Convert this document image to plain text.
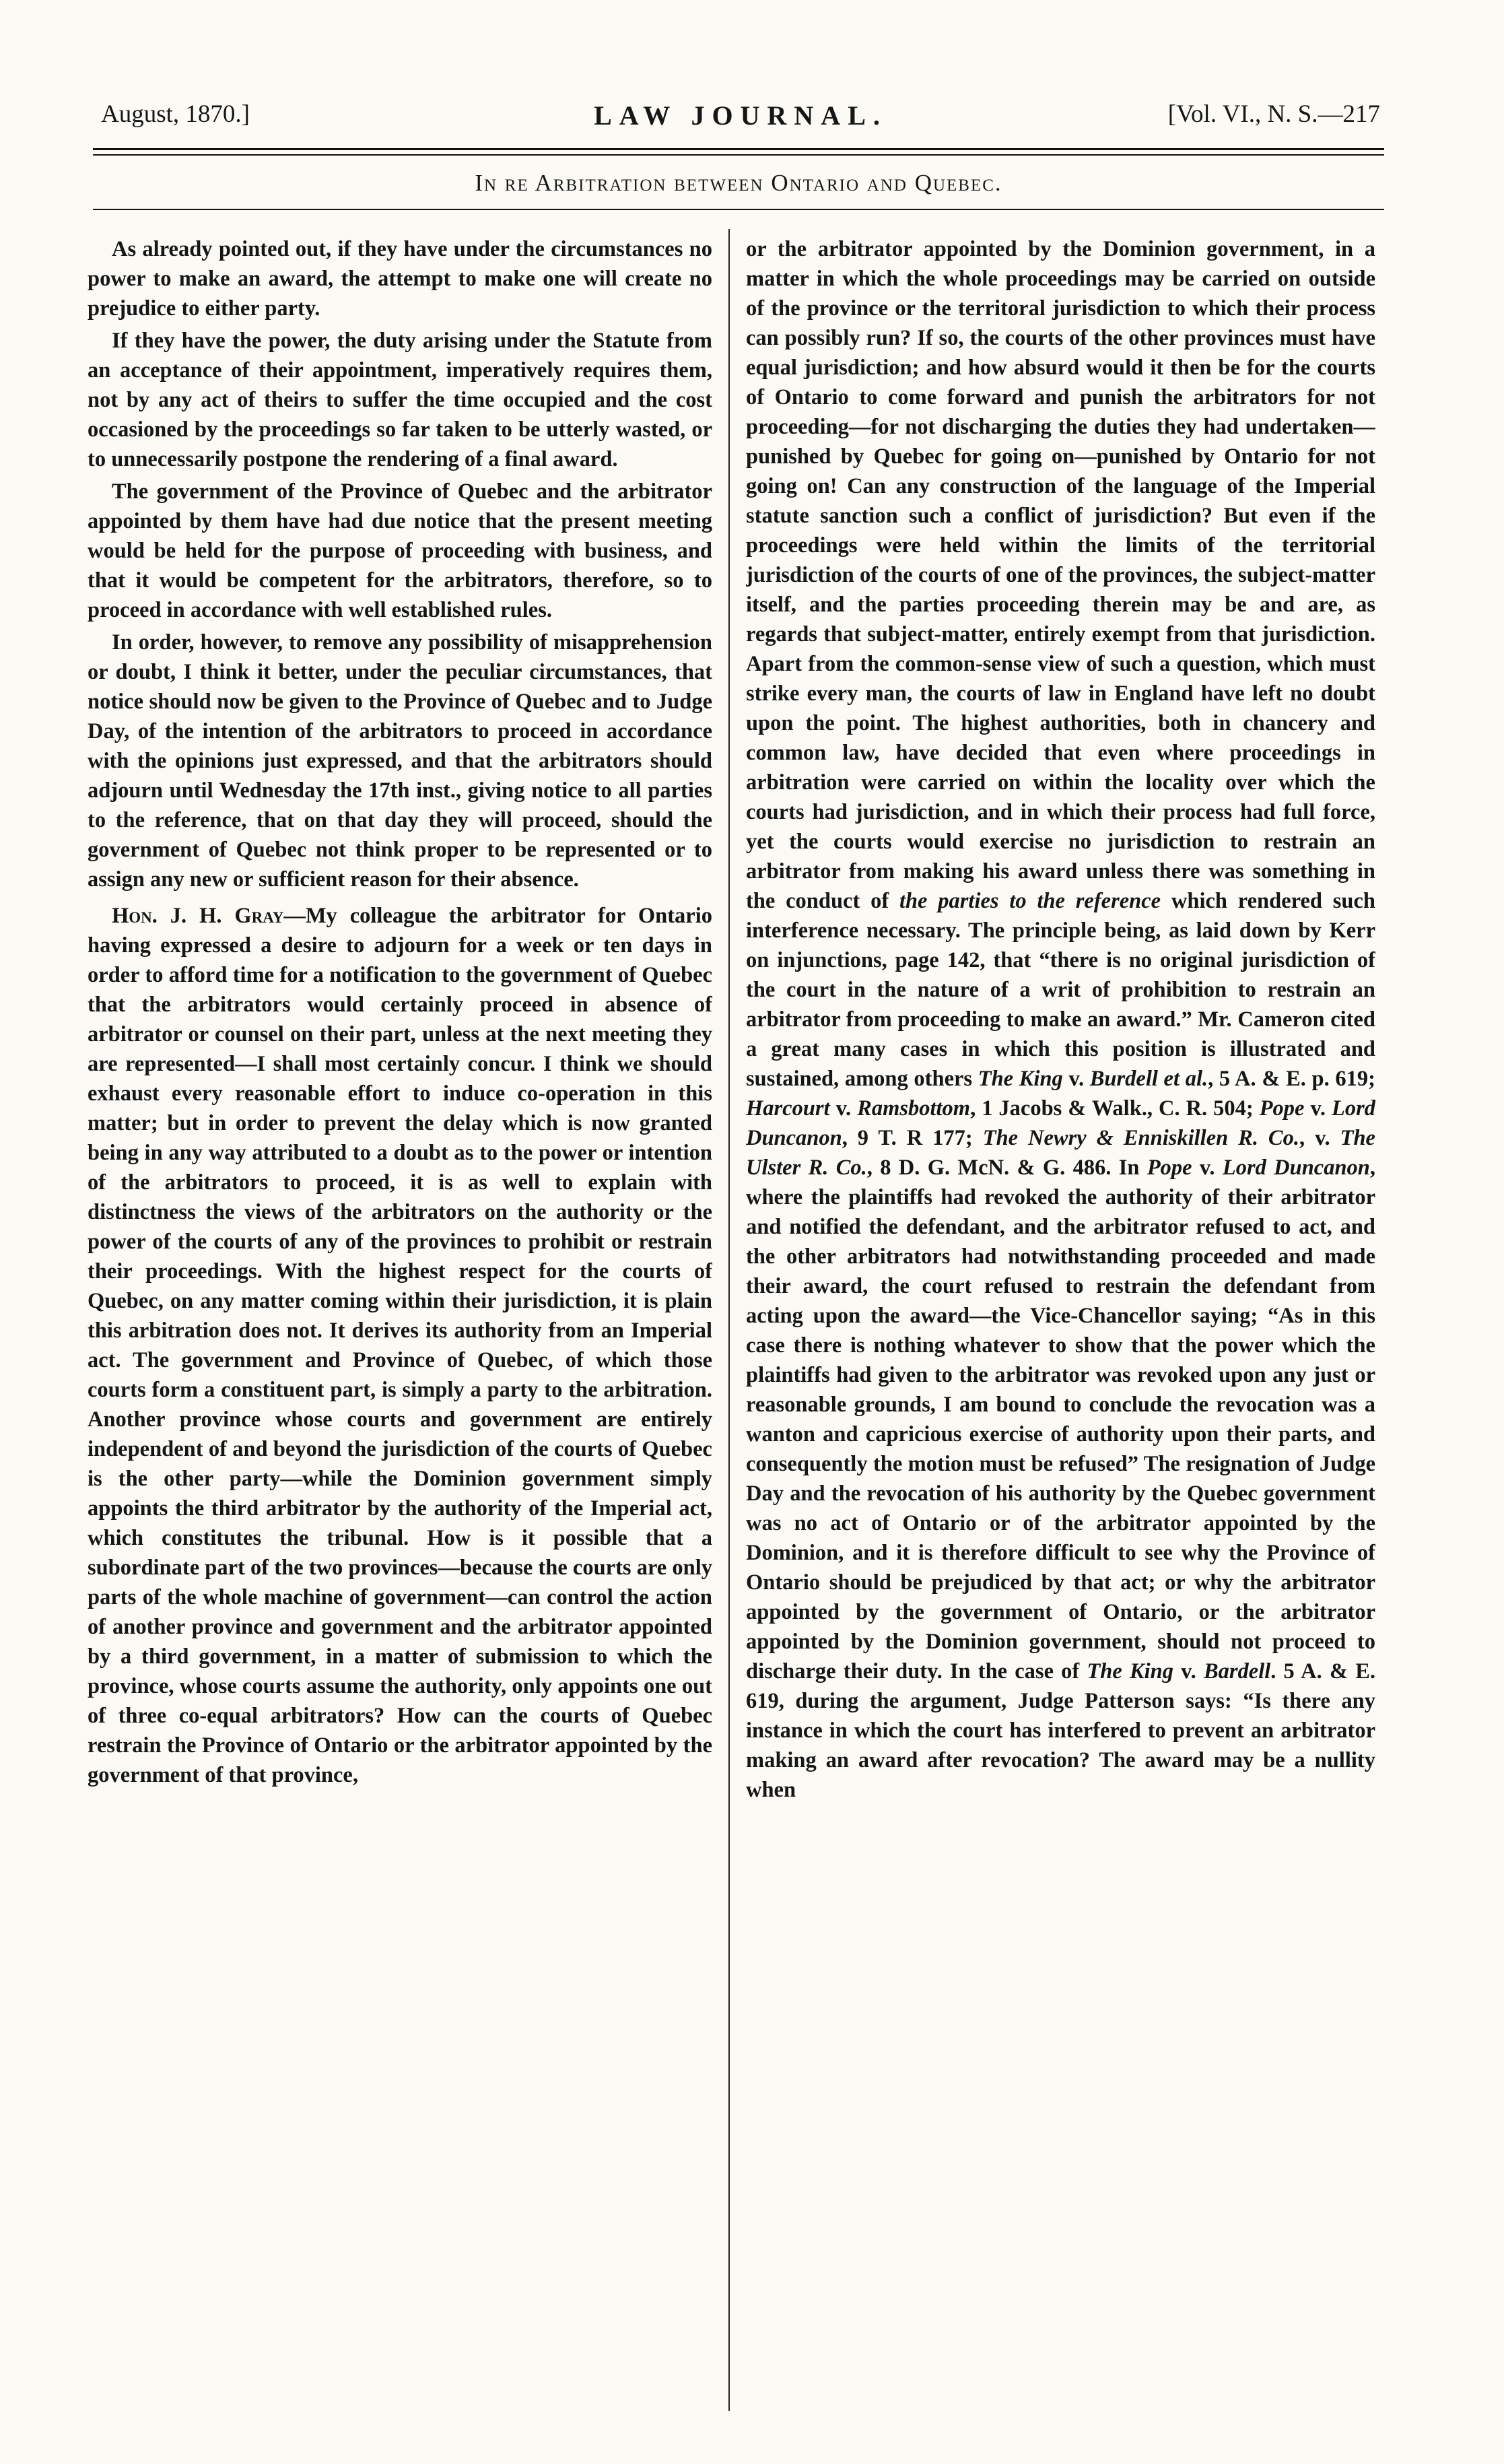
August, 1870.]	LAW JOURNAL.	[Vol. VI., N. S.—217
In re Arbitration between Ontario and Quebec.

As already pointed out, if they have under the circumstances no power to make an award, the attempt to make one will create no prejudice to either party.

If they have the power, the duty arising under the Statute from an acceptance of their appointment, imperatively requires them, not by any act of theirs to suffer the time occupied and the cost occasioned by the proceedings so far taken to be utterly wasted, or to unnecessarily postpone the rendering of a final award.

The government of the Province of Quebec and the arbitrator appointed by them have had due notice that the present meeting would be held for the purpose of proceeding with business, and that it would be competent for the arbitrators, therefore, so to proceed in accordance with well established rules.

In order, however, to remove any possibility of misapprehension or doubt, I think it better, under the peculiar circumstances, that notice should now be given to the Province of Quebec and to Judge Day, of the intention of the arbitrators to proceed in accordance with the opinions just expressed, and that the arbitrators should adjourn until Wednesday the 17th inst., giving notice to all parties to the reference, that on that day they will proceed, should the government of Quebec not think proper to be represented or to assign any new or sufficient reason for their absence.

Hon. J. H. Gray—My colleague the arbitrator for Ontario having expressed a desire to adjourn for a week or ten days in order to afford time for a notification to the government of Quebec that the arbitrators would certainly proceed in absence of arbitrator or counsel on their part, unless at the next meeting they are represented—I shall most certainly concur. I think we should exhaust every reasonable effort to induce co-operation in this matter; but in order to prevent the delay which is now granted being in any way attributed to a doubt as to the power or intention of the arbitrators to proceed, it is as well to explain with distinctness the views of the arbitrators on the authority or the power of the courts of any of the provinces to prohibit or restrain their proceedings. With the highest respect for the courts of Quebec, on any matter coming within their jurisdiction, it is plain this arbitration does not. It derives its authority from an Imperial act. The government and Province of Quebec, of which those courts form a constituent part, is simply a party to the arbitration. Another province whose courts and government are entirely independent of and beyond the jurisdiction of the courts of Quebec is the other party—while the Dominion government simply appoints the third arbitrator by the authority of the Imperial act, which constitutes the tribunal. How is it possible that a subordinate part of the two provinces—because the courts are only parts of the whole machine of government—can control the action of another province and government and the arbitrator appointed by a third government, in a matter of submission to which the province, whose courts assume the authority, only appoints one out of three co-equal arbitrators? How can the courts of Quebec restrain the Province of Ontario or the arbitrator appointed by the government of that province,

or the arbitrator appointed by the Dominion government, in a matter in which the whole proceedings may be carried on outside of the province or the territoral jurisdiction to which their process can possibly run? If so, the courts of the other provinces must have equal jurisdiction; and how absurd would it then be for the courts of Ontario to come forward and punish the arbitrators for not proceeding—for not discharging the duties they had undertaken—punished by Quebec for going on—punished by Ontario for not going on! Can any construction of the language of the Imperial statute sanction such a conflict of jurisdiction? But even if the proceedings were held within the limits of the territorial jurisdiction of the courts of one of the provinces, the subject-matter itself, and the parties proceeding therein may be and are, as regards that subject-matter, entirely exempt from that jurisdiction. Apart from the common-sense view of such a question, which must strike every man, the courts of law in England have left no doubt upon the point. The highest authorities, both in chancery and common law, have decided that even where proceedings in arbitration were carried on within the locality over which the courts had jurisdiction, and in which their process had full force, yet the courts would exercise no jurisdiction to restrain an arbitrator from making his award unless there was something in the conduct of the parties to the reference which rendered such interference necessary. The principle being, as laid down by Kerr on injunctions, page 142, that “there is no original jurisdiction of the court in the nature of a writ of prohibition to restrain an arbitrator from proceeding to make an award.” Mr. Cameron cited a great many cases in which this position is illustrated and sustained, among others The King v. Burdell et al., 5 A. & E. p. 619; Harcourt v. Ramsbottom, 1 Jacobs & Walk., C. R. 504; Pope v. Lord Duncanon, 9 T. R 177; The Newry & Enniskillen R. Co., v. The Ulster R. Co., 8 D. G. McN. & G. 486. In Pope v. Lord Duncanon, where the plaintiffs had revoked the authority of their arbitrator and notified the defendant, and the arbitrator refused to act, and the other arbitrators had notwithstanding proceeded and made their award, the court refused to restrain the defendant from acting upon the award—the Vice-Chancellor saying; “As in this case there is nothing whatever to show that the power which the plaintiffs had given to the arbitrator was revoked upon any just or reasonable grounds, I am bound to conclude the revocation was a wanton and capricious exercise of authority upon their parts, and consequently the motion must be refused” The resignation of Judge Day and the revocation of his authority by the Quebec government was no act of Ontario or of the arbitrator appointed by the Dominion, and it is therefore difficult to see why the Province of Ontario should be prejudiced by that act; or why the arbitrator appointed by the government of Ontario, or the arbitrator appointed by the Dominion government, should not proceed to discharge their duty. In the case of The King v. Bardell. 5 A. & E. 619, during the argument, Judge Patterson says: “Is there any instance in which the court has interfered to prevent an arbitrator making an award after revocation? The award may be a nullity when
